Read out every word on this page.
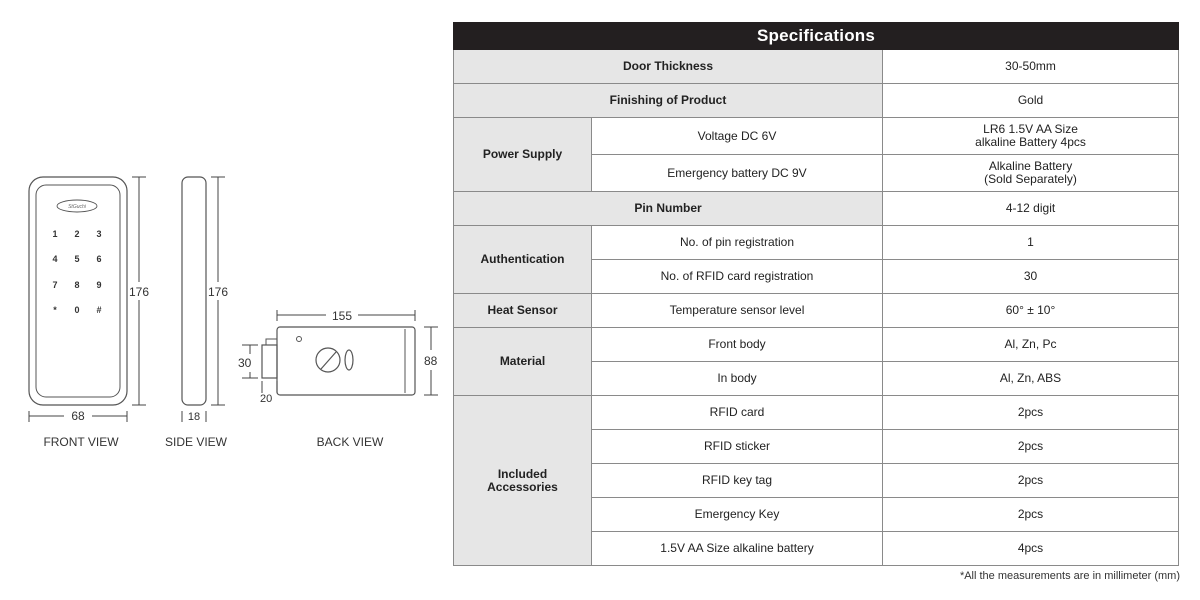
StGuchi
1 2 3
4 5 6
7 8 9
* 0 #
176
68
FRONT VIEW
176
18
SIDE VIEW
155
88
30
20
BACK VIEW
Specifications		
Door Thickness		30-50mm
Finishing of Product		Gold
Power Supply	Voltage DC 6V	LR6 1.5V AA Size
alkaline Battery 4pcs

	Emergency battery DC 9V	Alkaline Battery
(Sold Separately)

Pin Number		4-12 digit
Authentication	No. of pin registration	1
	No. of RFID card registration	30
Heat Sensor	Temperature sensor level	60° ± 10°
Material	Front body	Al, Zn, Pc
	In body	Al, Zn, ABS

Included
Accessories	RFID card	2pcs
	RFID sticker	2pcs
	RFID key tag	2pcs
	Emergency Key	2pcs
	1.5V AA Size alkaline battery	4pcs
*All the measurements are in millimeter (mm)
